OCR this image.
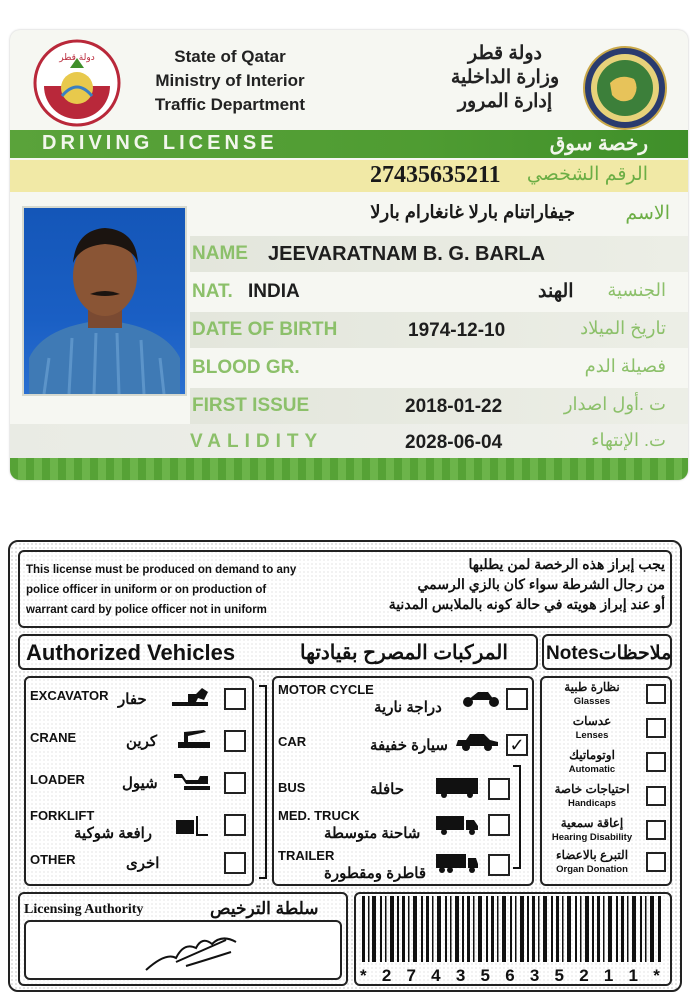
دولة قطر	State of Qatar
Ministry of Interior
Traffic Department
دولة قطر
وزارة الداخلية
إدارة المرور
DRIVING LICENSE	رخصة سوق
27435635211 الرقم الشخصي
جيفاراتنام بارلا غانغارام بارلا	الاسم
NAME JEEVARATNAM B. G. BARLA
NAT. INDIA	الهند الجنسية
DATE OF BIRTH	1974-12-10	تاريخ الميلاد
BLOOD GR.	فصيلة الدم
FIRST ISSUE	2018-01-22	ت .أول اصدار
VALIDITY	2028-06-04	ت. الإنتهاء
This license must be produced on demand to any
police officer in uniform or on production of
warrant card by police officer not in uniform
يجب إبراز هذه الرخصة لمن يطلبها
من رجال الشرطة سواء كان بالزي الرسمي
أو عند إبراز هويته في حالة كونه بالملابس المدنية
Authorized Vehicles	المركبات المصرح بقيادتها Notesملاحظات
EXCAVATOR حفار
CRANE	كرين
LOADER شيول
FORKLIFT
رافعة شوكية
OTHER	اخرى
MOTOR CYCLE
دراجة نارية
CAR	سيارة خفيفة	✓
BUS	حافلة
MED. TRUCK
شاحنة متوسطة
TRAILER
قاطرة ومقطورة
نظارة طبية
Glasses
عدسات
Lenses
اوتوماتيك
Automatic
احتياجات خاصة
Handicaps
إعاقة سمعية
Hearing Disability
التبرع بالاعضاء
Organ Donation
Licensing Authority	سلطة الترخيص
* 2 7 4 3 5 6 3 5 2 1 1 *
